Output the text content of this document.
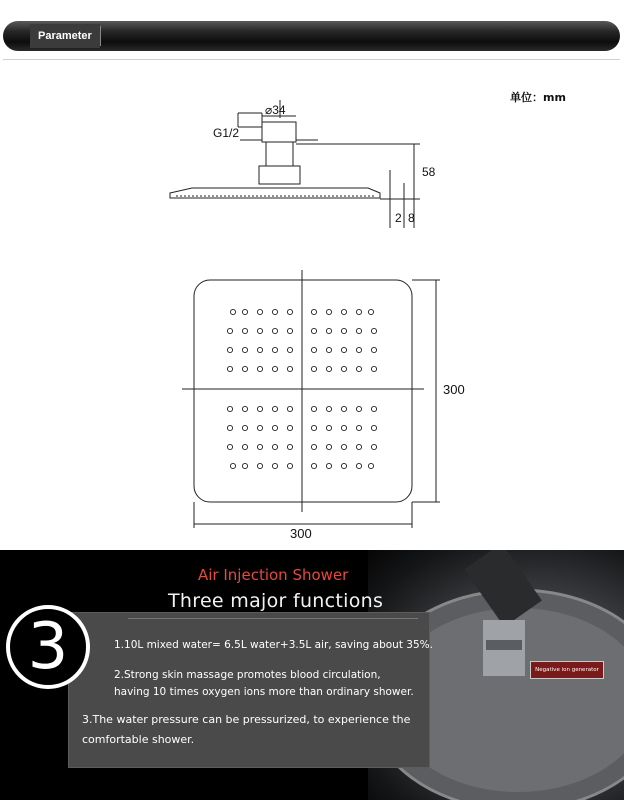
Parameter
单位：mm
⌀34
G1/2
58
2 8
300
300
Negative ion generator
3
Air Injection Shower
Three major functions
1.10L mixed water= 6.5L water+3.5L air, saving about 35%.
2.Strong skin massage promotes blood circulation,
having 10 times oxygen ions more than ordinary shower.
3.The water pressure can be pressurized, to experience the
comfortable shower.
